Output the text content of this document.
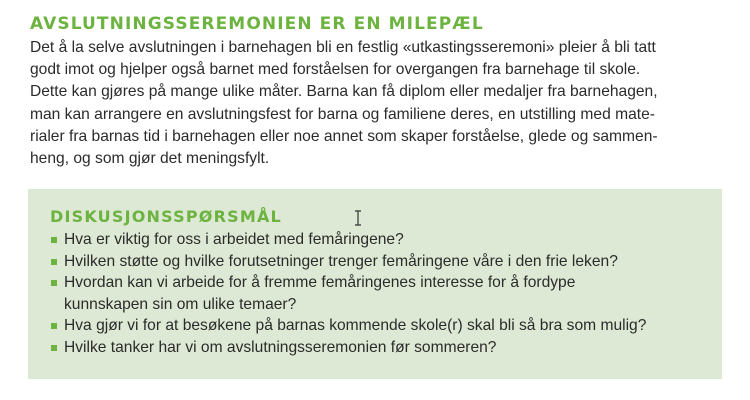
AVSLUTNINGSSEREMONIEN ER EN MILEPÆL

Det å la selve avslutningen i barnehagen bli en festlig «utkastingsseremoni» pleier å bli tatt
godt imot og hjelper også barnet med forståelsen for overgangen fra barnehage til skole.
Dette kan gjøres på mange ulike måter. Barna kan få diplom eller medaljer fra barnehagen,
man kan arrangere en avslutningsfest for barna og familiene deres, en utstilling med mate-
rialer fra barnas tid i barnehagen eller noe annet som skaper forståelse, glede og sammen-
heng, og som gjør det meningsfylt.

DISKUSJONSSPØRSMÅL
Hva er viktig for oss i arbeidet med femåringene?
Hvilken støtte og hvilke forutsetninger trenger femåringene våre i den frie leken?
Hvordan kan vi arbeide for å fremme femåringenes interesse for å fordype
kunnskapen sin om ulike temaer?
Hva gjør vi for at besøkene på barnas kommende skole(r) skal bli så bra som mulig?
Hvilke tanker har vi om avslutningsseremonien før sommeren?
